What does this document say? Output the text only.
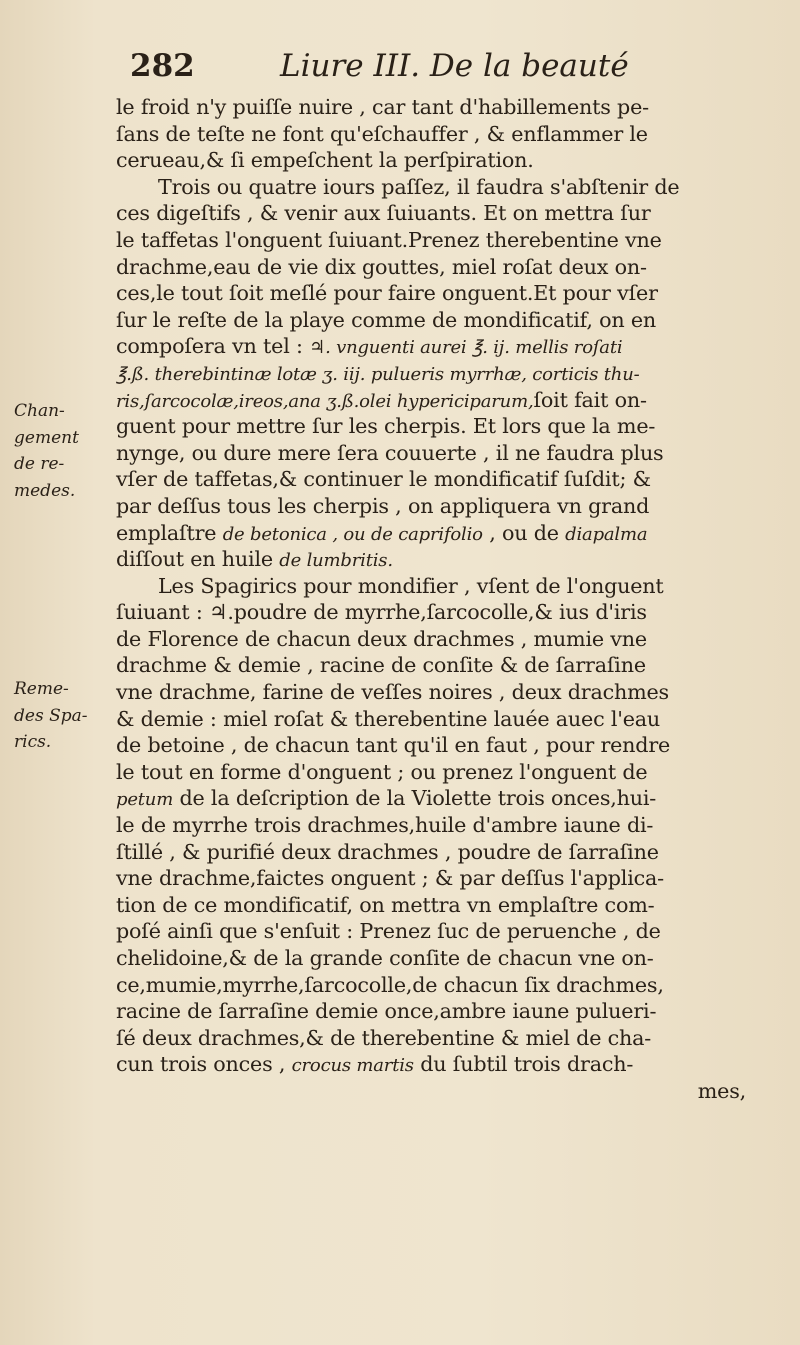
282	Liure III. De la beauté
Chan-
gement
de re-
medes.
Reme-
des Spa-
rics.
le froid n'y puiſſe nuire , car tant d'habillements pe-
ſans de teſte ne font qu'eſchauffer , & enflammer le
cerueau,& ſi empeſchent la perſpiration.
Trois ou quatre iours paſſez, il faudra s'abſtenir de
ces digeſtifs , & venir aux ſuiuants. Et on mettra ſur
le taffetas l'onguent ſuiuant.Prenez therebentine vne
drachme,eau de vie dix gouttes, miel roſat deux on-
ces,le tout ſoit meſlé pour faire onguent.Et pour vſer
ſur le reſte de la playe comme de mondificatif, on en
compoſera vn tel : ♃. vnguenti aurei ℥. ij. mellis roſati
℥.ß. therebintinæ lotæ ʒ. iij. pulueris myrrhæ, corticis thu-
ris,ſarcocolæ,ireos,ana ʒ.ß.olei hypericiparum,ſoit fait on-
guent pour mettre ſur les cherpis. Et lors que la me-
nynge, ou dure mere ſera couuerte , il ne faudra plus
vſer de taffetas,& continuer le mondificatif ſuſdit; &
par deſſus tous les cherpis , on appliquera vn grand
emplaſtre de betonica , ou de caprifolio , ou de diapalma
diſſout en huile de lumbritis.
Les Spagirics pour mondifier , vſent de l'onguent
ſuiuant : ♃.poudre de myrrhe,ſarcocolle,& ius d'iris
de Florence de chacun deux drachmes , mumie vne
drachme & demie , racine de conſite & de ſarraſine
vne drachme, farine de veſſes noires , deux drachmes
& demie : miel roſat & therebentine lauée auec l'eau
de betoine , de chacun tant qu'il en faut , pour rendre
le tout en forme d'onguent ; ou prenez l'onguent de
petum de la deſcription de la Violette trois onces,hui-
le de myrrhe trois drachmes,huile d'ambre iaune di-
ſtillé , & purifié deux drachmes , poudre de ſarraſine
vne drachme,faictes onguent ; & par deſſus l'applica-
tion de ce mondificatif, on mettra vn emplaſtre com-
poſé ainſi que s'enſuit : Prenez ſuc de peruenche , de
chelidoine,& de la grande conſite de chacun vne on-
ce,mumie,myrrhe,ſarcocolle,de chacun ſix drachmes,
racine de ſarraſine demie once,ambre iaune pulueri-
ſé deux drachmes,& de therebentine & miel de cha-
cun trois onces , crocus martis du ſubtil trois drach-
mes,
